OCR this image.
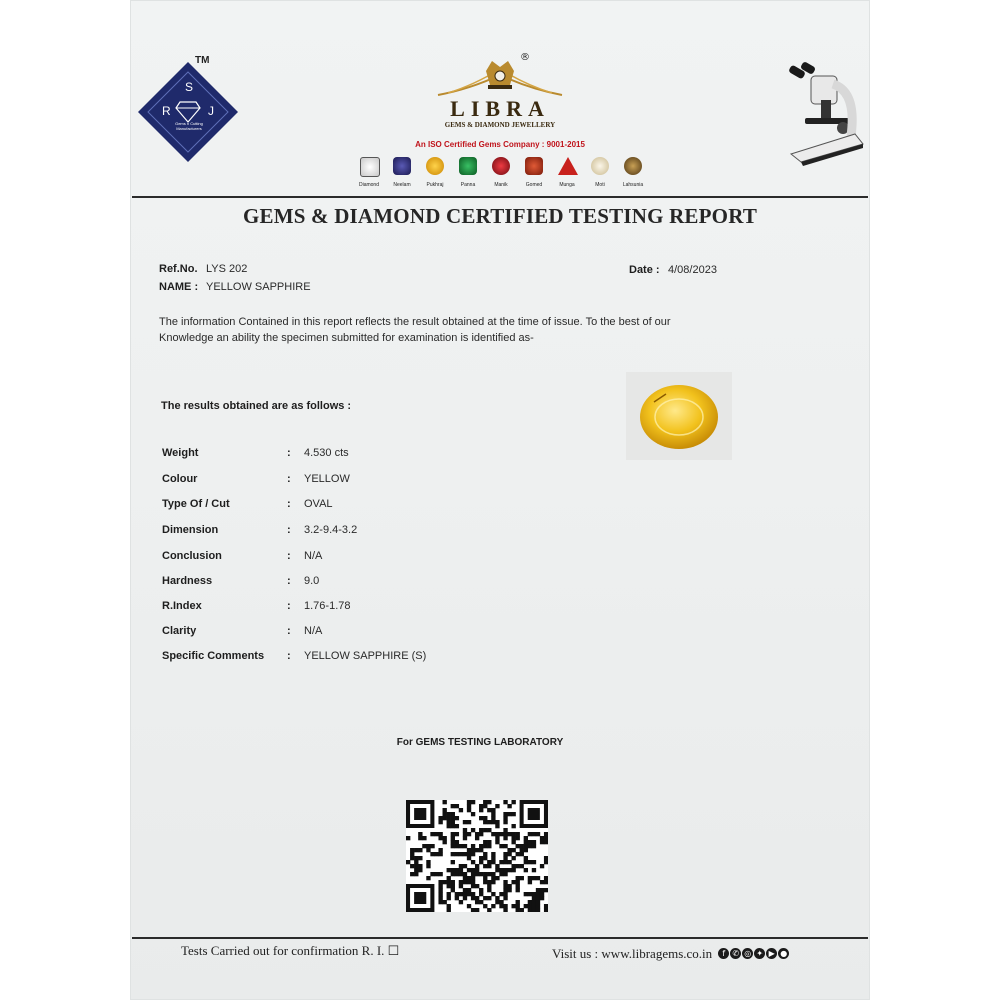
TM
S
R	J
Gems n Cutting Manufacturers
®
LIBRA
GEMS & DIAMOND JEWELLERY
An ISO Certified Gems Company : 9001-2015
Diamond	Neelam	Pukhraj	Panna	Manik	Gomed	Munga	Moti	Lahsunia
GEMS & DIAMOND CERTIFIED TESTING REPORT
Ref.No. LYS 202
NAME : YELLOW SAPPHIRE
Date : 4/08/2023
The information Contained in this report reflects the result obtained at the time of issue. To the best of our
Knowledge an ability the specimen submitted for examination is identified as-
The results obtained are as follows :
Weight	: 4.530 cts
Colour	: YELLOW
Type Of / Cut	: OVAL
Dimension	: 3.2-9.4-3.2
Conclusion	: N/A
Hardness	: 9.0
R.Index	: 1.76-1.78
Clarity	: N/A
Specific Comments : YELLOW SAPPHIRE (S)
For GEMS TESTING LABORATORY
Tests Carried out for confirmation R. I. ☐	Visit us : www.libragems.co.in f ✆ ◎ ✦ ▶ ●
